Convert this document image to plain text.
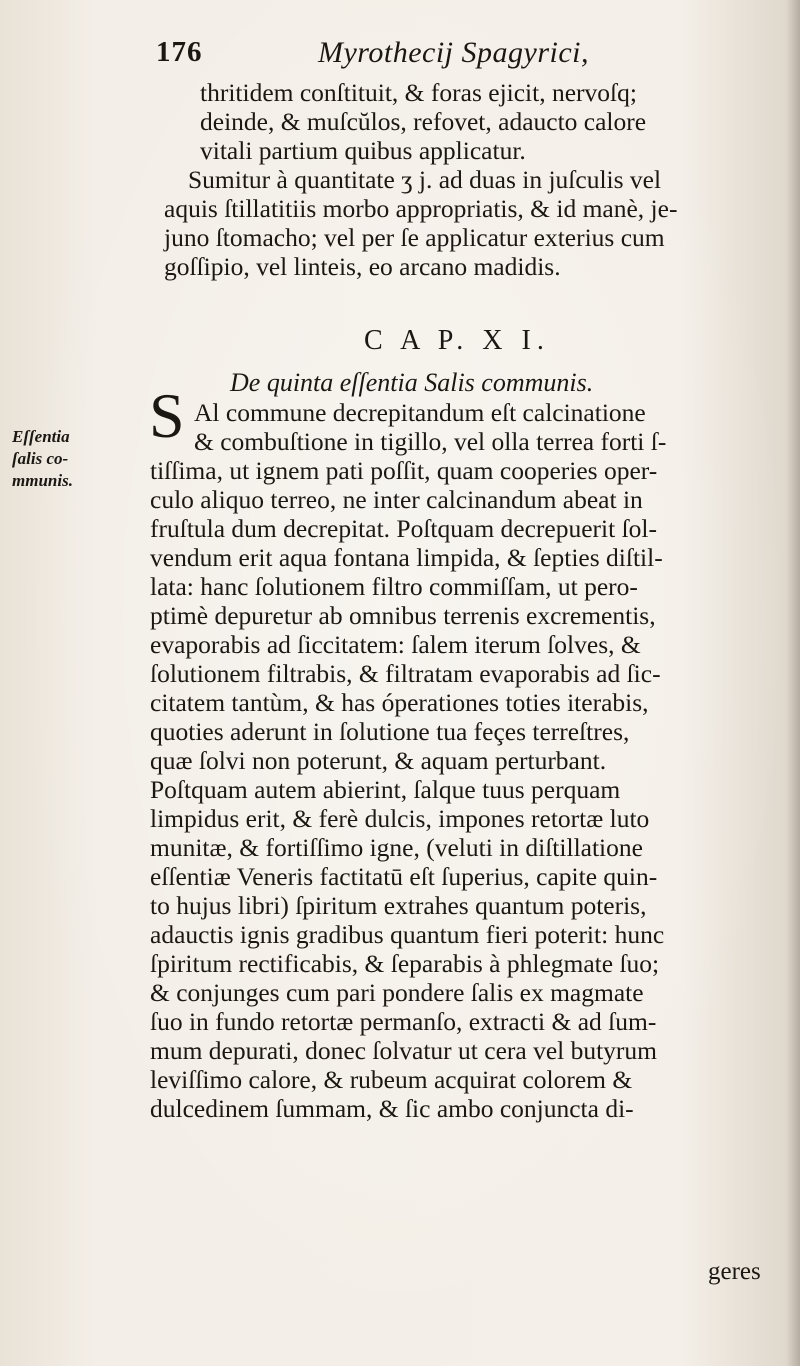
176	Myrothecij Spagyrici,
thritidem conſtituit, & foras ejicit, nervoſq;
deinde, & muſcŭlos, refovet, adaucto calore
vitali partium quibus applicatur.
Sumitur à quantitate ʒ j. ad duas in juſculis vel
aquis ſtillatitiis morbo appropriatis, & id manè, je-
juno ſtomacho; vel per ſe applicatur exterius cum
goſſipio, vel linteis, eo arcano madidis.
C A P. X I.
De quinta eſſentia Salis communis.
Eſſentia
ſalis co-
mmunis.
S Al commune decrepitandum eſt calcinatione
& combuſtione in tigillo, vel olla terrea forti ſ-
tiſſima, ut ignem pati poſſit, quam cooperies oper-
culo aliquo terreo, ne inter calcinandum abeat in
fruſtula dum decrepitat. Poſtquam decrepuerit ſol-
vendum erit aqua fontana limpida, & ſepties diſtil-
lata: hanc ſolutionem filtro commiſſam, ut pero-
ptimè depuretur ab omnibus terrenis excrementis,
evaporabis ad ſiccitatem: ſalem iterum ſolves, &
ſolutionem filtrabis, & filtratam evaporabis ad ſic-
citatem tantùm, & has óperationes toties iterabis,
quoties aderunt in ſolutione tua feçes terreſtres,
quæ ſolvi non poterunt, & aquam perturbant.
Poſtquam autem abierint, ſalque tuus perquam
limpidus erit, & ferè dulcis, impones retortæ luto
munitæ, & fortiſſimo igne, (veluti in diſtillatione
eſſentiæ Veneris factitatū eſt ſuperius, capite quin-
to hujus libri) ſpiritum extrahes quantum poteris,
adauctis ignis gradibus quantum fieri poterit: hunc
ſpiritum rectificabis, & ſeparabis à phlegmate ſuo;
& conjunges cum pari pondere ſalis ex magmate
ſuo in fundo retortæ permanſo, extracti & ad ſum-
mum depurati, donec ſolvatur ut cera vel butyrum
leviſſimo calore, & rubeum acquirat colorem &
dulcedinem ſummam, & ſic ambo conjuncta di-
geres
